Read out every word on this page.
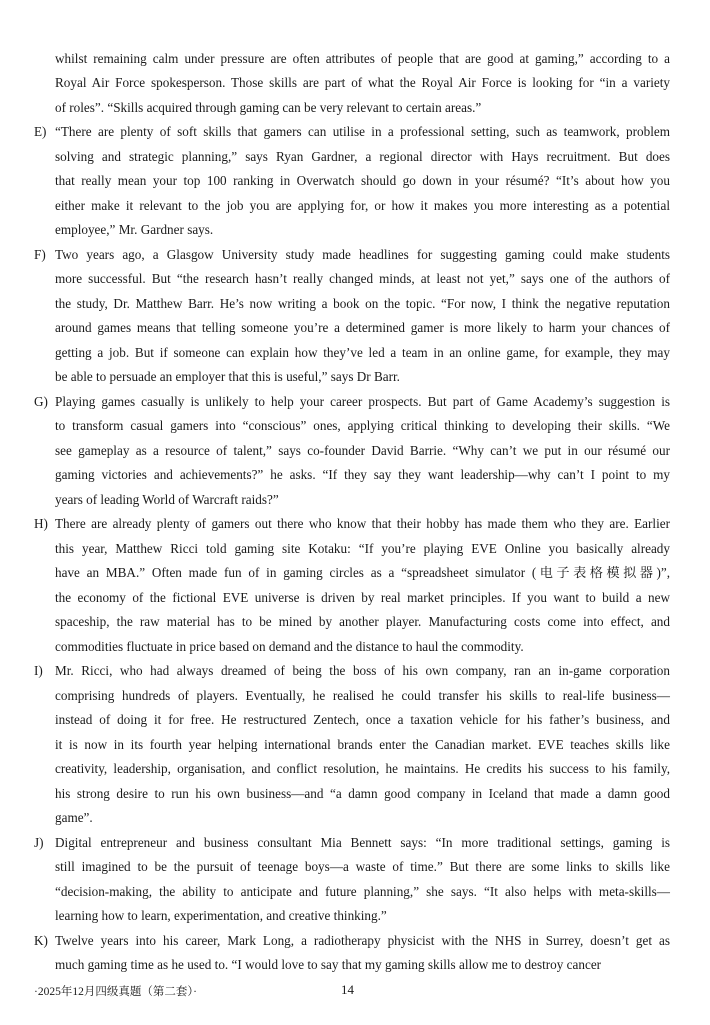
whilst remaining calm under pressure are often attributes of people that are good at gaming,” according to a
Royal Air Force spokesperson. Those skills are part of what the Royal Air Force is looking for “in a variety
of roles”. “Skills acquired through gaming can be very relevant to certain areas.”
E) “There are plenty of soft skills that gamers can utilise in a professional setting, such as teamwork, problem
solving and strategic planning,” says Ryan Gardner, a regional director with Hays recruitment. But does
that really mean your top 100 ranking in Overwatch should go down in your résumé? “It’s about how you
either make it relevant to the job you are applying for, or how it makes you more interesting as a potential
employee,” Mr. Gardner says.
F) Two years ago, a Glasgow University study made headlines for suggesting gaming could make students
more successful. But “the research hasn’t really changed minds, at least not yet,” says one of the authors of
the study, Dr. Matthew Barr. He’s now writing a book on the topic. “For now, I think the negative reputation
around games means that telling someone you’re a determined gamer is more likely to harm your chances of
getting a job. But if someone can explain how they’ve led a team in an online game, for example, they may
be able to persuade an employer that this is useful,” says Dr Barr.
G) Playing games casually is unlikely to help your career prospects. But part of Game Academy’s suggestion is
to transform casual gamers into “conscious” ones, applying critical thinking to developing their skills. “We
see gameplay as a resource of talent,” says co-founder David Barrie. “Why can’t we put in our résumé our
gaming victories and achievements?” he asks. “If they say they want leadership—why can’t I point to my
years of leading World of Warcraft raids?”
H) There are already plenty of gamers out there who know that their hobby has made them who they are. Earlier
this year, Matthew Ricci told gaming site Kotaku: “If you’re playing EVE Online you basically already
have an MBA.” Often made fun of in gaming circles as a “spreadsheet simulator (电子表格模拟器)”,
the economy of the fictional EVE universe is driven by real market principles. If you want to build a new
spaceship, the raw material has to be mined by another player. Manufacturing costs come into effect, and
commodities fluctuate in price based on demand and the distance to haul the commodity.
I) Mr. Ricci, who had always dreamed of being the boss of his own company, ran an in-game corporation
comprising hundreds of players. Eventually, he realised he could transfer his skills to real-life business—
instead of doing it for free. He restructured Zentech, once a taxation vehicle for his father’s business, and
it is now in its fourth year helping international brands enter the Canadian market. EVE teaches skills like
creativity, leadership, organisation, and conflict resolution, he maintains. He credits his success to his family,
his strong desire to run his own business—and “a damn good company in Iceland that made a damn good
game”.
J) Digital entrepreneur and business consultant Mia Bennett says: “In more traditional settings, gaming is
still imagined to be the pursuit of teenage boys—a waste of time.” But there are some links to skills like
“decision-making, the ability to anticipate and future planning,” she says. “It also helps with meta-skills—
learning how to learn, experimentation, and creative thinking.”
K) Twelve years into his career, Mark Long, a radiotherapy physicist with the NHS in Surrey, doesn’t get as
much gaming time as he used to. “I would love to say that my gaming skills allow me to destroy cancer
·2025年12月四级真题（第二套）·	14
